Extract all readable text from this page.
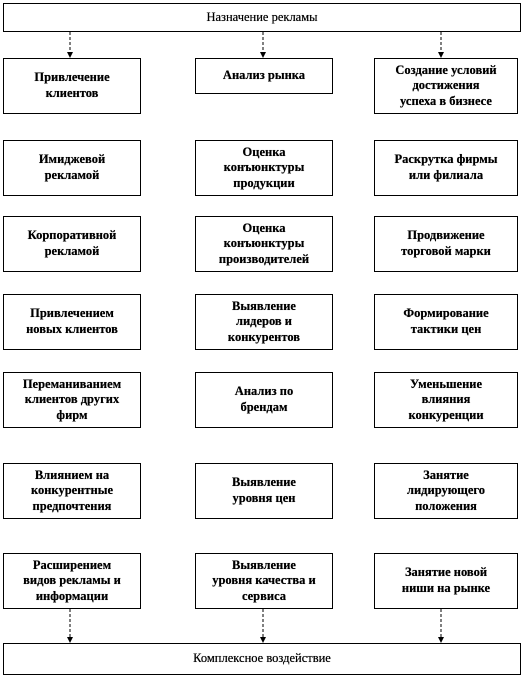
Назначение рекламы
Комплексное воздействие
Привлечение
клиентов
Имиджевой
рекламой
Корпоративной
рекламой
Привлечением
новых клиентов
Переманиванием
клиентов других
фирм
Влиянием на
конкурентные
предпочтения
Расширением
видов рекламы и
информации
Анализ рынка
Оценка
конъюнктуры
продукции
Оценка
конъюнктуры
производителей
Выявление
лидеров и
конкурентов
Анализ по
брендам
Выявление
уровня цен
Выявление
уровня качества и
сервиса
Создание условий
достижения
успеха в бизнесе
Раскрутка фирмы
или филиала
Продвижение
торговой марки
Формирование
тактики цен
Уменьшение
влияния
конкуренции
Занятие
лидирующего
положения
Занятие новой
ниши на рынке
